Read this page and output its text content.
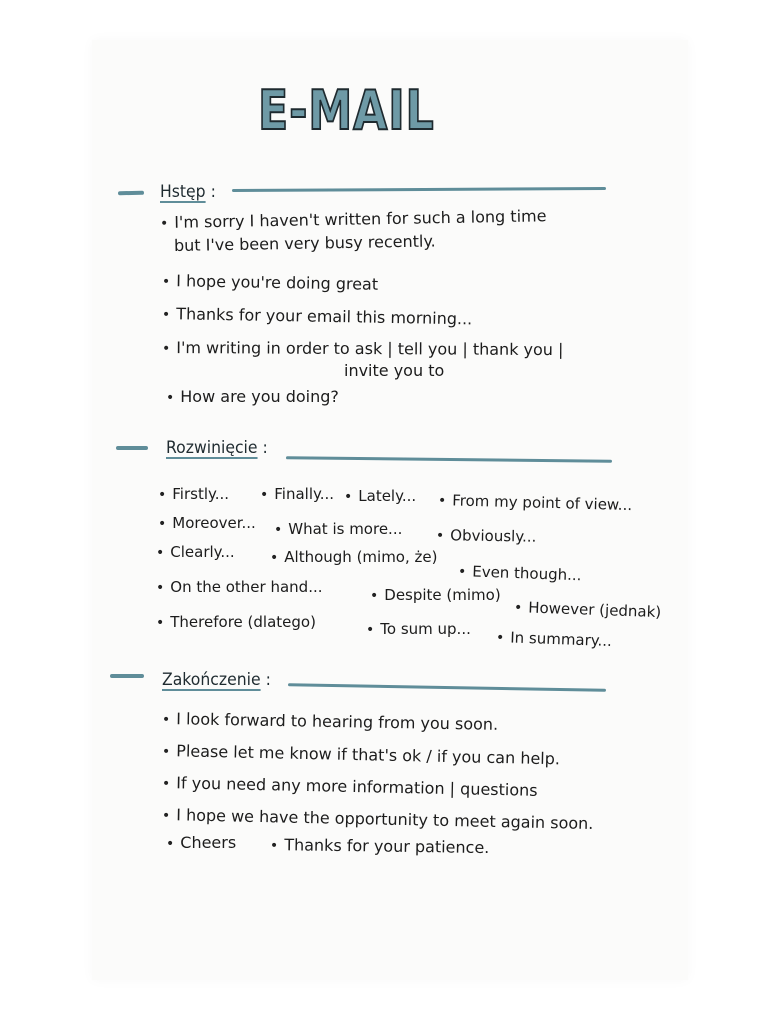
E-MAIL
Hstęp :
• I'm sorry I haven't written for such a long time
but I've been very busy recently.
• I hope you're doing great
• Thanks for your email this morning...
• I'm writing in order to ask | tell you | thank you |
invite you to
• How are you doing?
Rozwinięcie :
• Firstly... • Finally... • Lately... • From my point of view...
• Moreover... • What is more... • Obviously...
• Clearly...	• Although (mimo, że)
• Even though...
• On the other hand...	• Despite (mimo)
• However (jednak)
• Therefore (dlatego)	• To sum up...
• In summary...
Zakończenie :
• I look forward to hearing from you soon.
• Please let me know if that's ok / if you can help.
• If you need any more information | questions
• I hope we have the opportunity to meet again soon.
• Cheers • Thanks for your patience.
